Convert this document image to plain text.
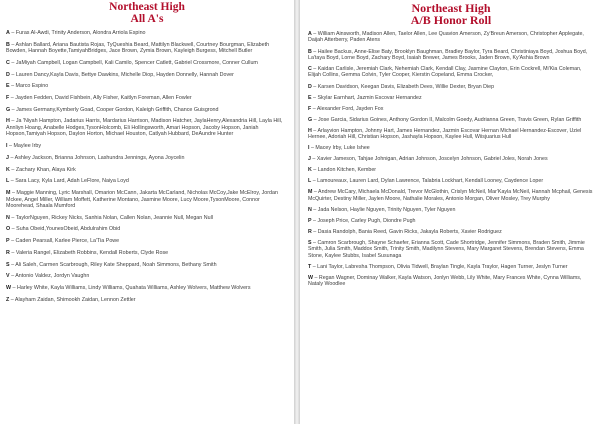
Northeast High
All A's
A – Furas Al-Awdi, Trinity Anderson, Alondra Arriola Espino
B – Ashlan Ballard, Ariana Bautista Rojas, TyQueshia Beard, Mattilyn Blackwell, Courtney Bourgman, Elizabeth Bowden, Hannah Boyette,TamiyahBridges, Jace Brown, Zymia Brown, Kayleigh Burgess, Mitchell Butler
C – JaMiyah Campbell, Logan Campbell, Kali Camilo, Spencer Catlett, Gabriel Crossmore, Conner Cullum
D – Lauren Dancy,Kayla Davis, Bettye Dawkins, Michelle Diop, Hayden Donnelly, Hannah Dover
E – Marco Espino
F – Jayden Fedden, David Fishbein, Ally Fisher, Kaitlyn Foreman, Allen Fowler
G – James Germany,Kymberly Goad, Cooper Gordon, Kaleigh Griffith, Chance Guisgrond
H – Ja 'Niyah Hampton, Jadarius Harris, Mardarius Harrison, Madison Hatcher, JaylaHenry,Alexandria Hill, Layla Hill, Annliyn Hoang, Anabelle Hodges,TysonHolcomb, Eli Hollingsworth, Amari Hopson, Jacoby Hopson, Janiah Hopson,Tamiyah Hopson, Daylon Horton, Michael Houston, Catlyah Hubbard, DeAundre Hunter
I – Maylee Irby
J – Ashley Jackson, Brianna Johnson, Lashundra Jennings, Ayona Joycelin
K – Zachary Khan, Alaya Kirk
L – Sara Lacy, Kyla Lard, Adah LeFlore, Naiya Loyd
M – Maggie Manning, Lyric Marshall, Omarion McCann, Jakarta McCarland, Nicholas McCoy,Jake McElroy, Jordan Mckee, Angel Miller, William Moffett, Katherine Montano, Jasmine Moore, Lucy Moore,TysonMoore, Connor Moorehead, Shaala Mumford
N – TaylorNguyen, Rickey Nicks, Sanhia Nolan, Callen Nolan, Jeannie Null, Megan Null
O – Suha Obeid,YounesObeid, Abdulrahim Obid
P – Caden Pearsall, Karlee Pierce, La'Tia Powe
R – Valeria Rangel, Elizabeth Robbins, Kendall Roberts, Clyde Rose
S – Ali Saleh, Carmen Scarbrough, Riley Kate Sheppard, Noah Simmons, Bethany Smith
V – Antonio Valdez, Jordyn Vaughn
W – Harley White, Kayla Williams, Lindy Williams, Quahata Williams, Ashley Wolvers, Matthew Wolvers
Z – Alayham Zaidan, Shimookh Zaidan, Lennon Zettler
Northeast High
A/B Honor Roll
A – William Ainsworth, Madison Allen, Taelor Allen, Lee Quavion Amerson, Zy'Breun Amerson, Christopher Applegate, Daijah Atterberry, Paden Atens
B – Hailee Backus, Anne-Elise Baty, Brooklyn Baughman, Bradley Baylor, Tyra Beard, Christiniaya Boyd, Joshua Boyd, La'taya Boyd, Lorne Boyd, Zachary Boyd, Isaiah Brewer, James Brooks, Jaden Brown, Ky'Ashia Brown
C – Kaidan Carlisle, Jeremiah Clark, Nehemiah Clark, Kendall Clay, Jasmine Clayton, Erin Cockrell, Mi'Kia Coleman, Elijah Collins, Gemma Colvin, Tyler Cooper, Kierstin Copeland, Emma Crocker,
D – Karsen Davidson, Keegan Davis, Elizabeth Dees, Willie Dexter, Bryan Diep
E – Skylar Earnhart, Jazmin Escovar Hernandez
F – Alexander Ford, Jayden Fox
G – Jose Garcia, Sidarius Goines, Anthony Gordon II, Malcolm Goedy, Audrianna Green, Travis Green, Rylan Griffith
H – Arlayvion Hampton, Johnny Hart, James Hernandez, Jazmin Escovar Hernan Michael Hernandez-Escover, Uziel Hernee, Adoriah Hill, Christian Hopson, Jashayla Hopson, Kaylee Hull, Wiisjuarius Hull
I – Macey Irby, Luke Ishee
J – Xavier Jameson, Tahjae Johnigan, Adrian Johnson, Joscelyn Johnson, Gabriel Joles, Norah Jones
K – Landon Kitchen, Kember
L – Lamoureaux, Lauren Lard, Dylan Lawrence, Talabria Lockhart, Kendall Looney, Caydence Loper
M – Andrew McCary, Michaela McDonald, Trevor McGlothin, Crislyn McNeil, Mar'Kayla McNeil, Hannah Mcphail, Genesis McQuirter, Destiny Miller, Jaylen Moore, Nathalie Morales, Antonio Morgan, Oliver Mosley, Trey Murphy
N – Jada Nelson, Haylie Nguyen, Trinity Nguyen, Tyler Nguyen
P – Joseph Price, Carley Pugh, Diondre Pugh
R – Dasia Randolph, Bania Reed, Gavin Ricks, Jakayla Roberts, Xavier Rodriguez
S – Camron Scarbrough, Shayne Schaefer, Erianna Scott, Cade Shortridge, Jennifer Simmons, Braden Smith, Jimmie Smith, Julia Smith, Maddox Smith, Trinity Smith, Madilynn Stevens, Mary Margaret Stevens, Brendan Stevens, Emma Stone, Kaylee Stubbs, Isabel Susunaga
T – Lani Taylor, Labresha Thompson, Olivia Tidwell, Braylan Tingle, Kayla Traylor, Hagen Turner, Jeslyn Turner
W – Regan Wagner, Dominay Walker, Kayla Watson, Jonlyn Webb, Lily White, Mary Frances White, Cynna Williams, Nataly Woodlee
